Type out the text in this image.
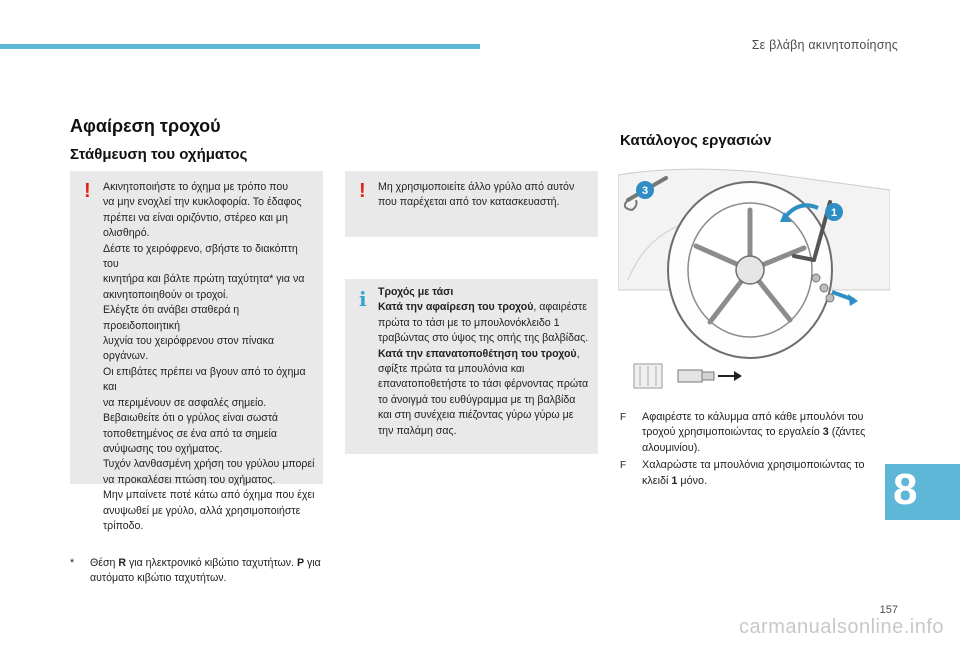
Σε βλάβη ακινητοποίησης
Αφαίρεση τροχού
Στάθμευση του οχήματος
Κατάλογος εργασιών
! Ακινητοποιήστε το όχημα με τρόπο που

να μην ενοχλεί την κυκλοφορία. Το έδαφος

πρέπει να είναι οριζόντιο, στέρεο και μη

ολισθηρό.

Δέστε το χειρόφρενο, σβήστε το διακόπτη του

κινητήρα και βάλτε πρώτη ταχύτητα* για να

ακινητοποιηθούν οι τροχοί.

Ελέγξτε ότι ανάβει σταθερά η προειδοποιητική

λυχνία του χειρόφρενου στον πίνακα οργάνων.

Οι επιβάτες πρέπει να βγουν από το όχημα και

να περιμένουν σε ασφαλές σημείο.

Βεβαιωθείτε ότι ο γρύλος είναι σωστά

τοποθετημένος σε ένα από τα σημεία

ανύψωσης του οχήματος.

Τυχόν λανθασμένη χρήση του γρύλου μπορεί

να προκαλέσει πτώση του οχήματος.

Μην μπαίνετε ποτέ κάτω από όχημα που έχει

ανυψωθεί με γρύλο, αλλά χρησιμοποιήστε

τρίποδο.

! Μη χρησιμοποιείτε άλλο γρύλο από αυτόν

που παρέχεται από τον κατασκευαστή.

i Τροχός με τάσι

Κατά την αφαίρεση του τροχού, αφαιρέστε πρώτα το τάσι με το μπουλονόκλειδο 1 τραβώντας στο ύψος της οπής της βαλβίδας.

Κατά την επανατοποθέτηση του τροχού, σφίξτε πρώτα τα μπουλόνια και επανατοποθετήστε το τάσι φέρνοντας πρώτα το άνοιγμά του ευθύγραμμα με τη βαλβίδα και στη συνέχεια πιέζοντας γύρω γύρω με την παλάμη σας.

* Θέση R για ηλεκτρονικό κιβώτιο ταχυτήτων. P για αυτόματο κιβώτιο ταχυτήτων.
3
1
F Αφαιρέστε το κάλυμμα από κάθε μπουλόνι του τροχού χρησιμοποιώντας το εργαλείο 3 (ζάντες αλουμινίου).
F Χαλαρώστε τα μπουλόνια χρησιμοποιώντας το κλειδί 1 μόνο.	8
157
carmanualsonline.info
